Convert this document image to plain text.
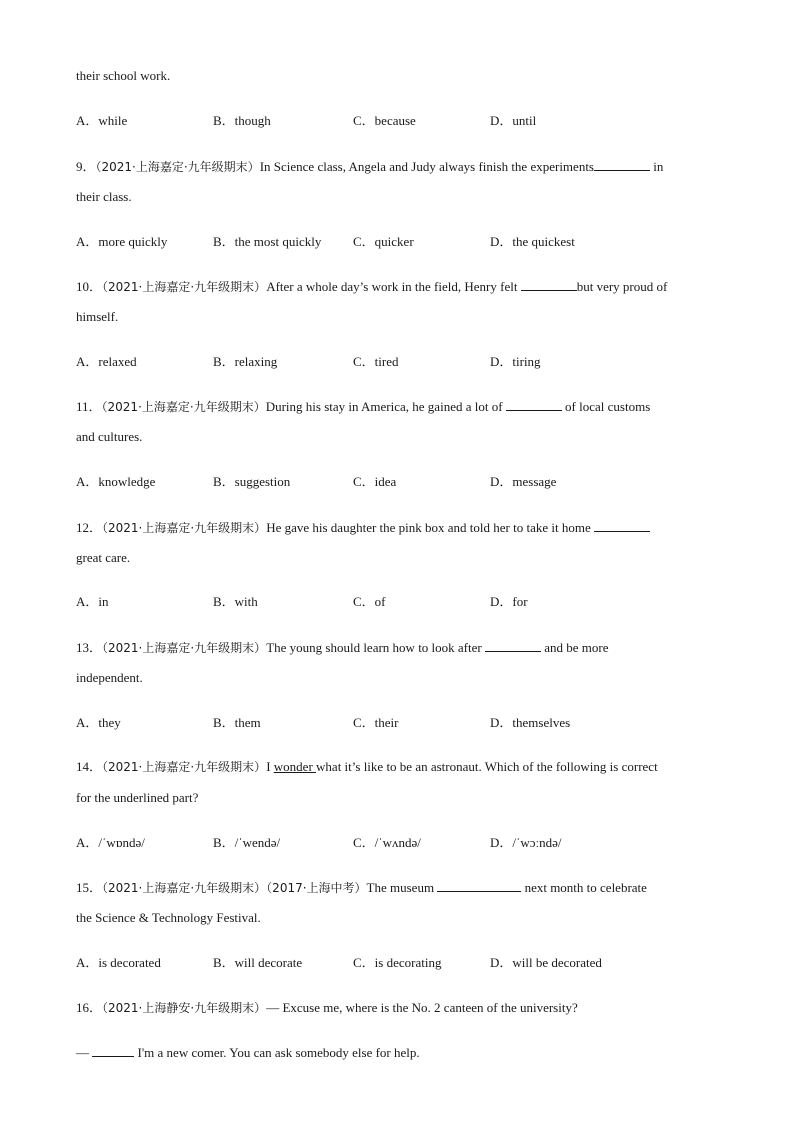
their school work.
A．while	B．though	C．because	D．until
9．（2021·上海嘉定·九年级期末）In Science class, Angela and Judy always finish the experiments	in
their class.
A．more quickly	B．the most quickly C．quicker	D．the quickest
10．（2021·上海嘉定·九年级期末）After a whole day’s work in the field, Henry felt	but very proud of
himself.
A．relaxed	B．relaxing	C．tired	D．tiring
11．（2021·上海嘉定·九年级期末）During his stay in America, he gained a lot of	of local customs
and cultures.
A．knowledge	B．suggestion	C．idea	D．message
12．（2021·上海嘉定·九年级期末）He gave his daughter the pink box and told her to take it home
great care.
A．in	B．with	C．of	D．for
13．（2021·上海嘉定·九年级期末）The young should learn how to look after	and be more
independent.
A．they	B．them	C．their	D．themselves
14．（2021·上海嘉定·九年级期末）I wonder what it’s like to be an astronaut. Which of the following is correct
for the underlined part?
A．/ˈwɒndə/	B．/ˈwendə/	C．/ˈwʌndə/	D．/ˈwɔːndə/
15．（2021·上海嘉定·九年级期末）（2017·上海中考）The museum	next month to celebrate
the Science & Technology Festival.
A．is decorated	B．will decorate	C．is decorating	D．will be decorated
16．（2021·上海静安·九年级期末）— Excuse me, where is the No. 2 canteen of the university?
—	I'm a new comer. You can ask somebody else for help.
